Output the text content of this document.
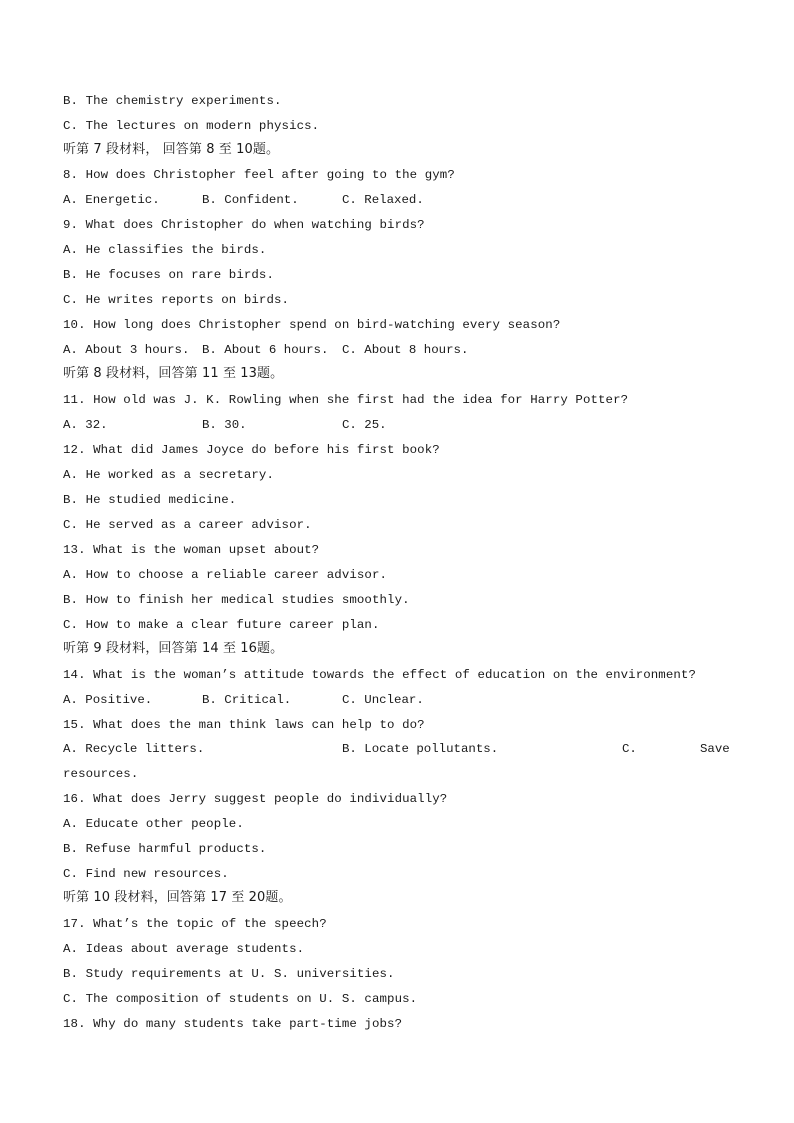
B. The chemistry experiments.
C. The lectures on modern physics.
听第 7 段材料， 回答第 8 至 10题。
8. How does Christopher feel after going to the gym?
A. Energetic.	B. Confident.	C. Relaxed.
9. What does Christopher do when watching birds?
A. He classifies the birds.
B. He focuses on rare birds.
C. He writes reports on birds.
10. How long does Christopher spend on bird-watching every season?
A. About 3 hours. B. About 6 hours. C. About 8 hours.
听第 8 段材料，回答第 11 至 13题。
11. How old was J. K. Rowling when she first had the idea for Harry Potter?
A. 32.	B. 30.	C. 25.
12. What did James Joyce do before his first book?
A. He worked as a secretary.
B. He studied medicine.
C. He served as a career advisor.
13. What is the woman upset about?
A. How to choose a reliable career advisor.
B. How to finish her medical studies smoothly.
C. How to make a clear future career plan.
听第 9 段材料，回答第 14 至 16题。
14. What is the woman’s attitude towards the effect of education on the environment?
A. Positive.	B. Critical.	C. Unclear.
15. What does the man think laws can help to do?
A. Recycle litters.	B. Locate pollutants.	C.	Save
resources.
16. What does Jerry suggest people do individually?
A. Educate other people.
B. Refuse harmful products.
C. Find new resources.
听第 10 段材料，回答第 17 至 20题。
17. What’s the topic of the speech?
A. Ideas about average students.
B. Study requirements at U. S. universities.
C. The composition of students on U. S. campus.
18. Why do many students take part-time jobs?
